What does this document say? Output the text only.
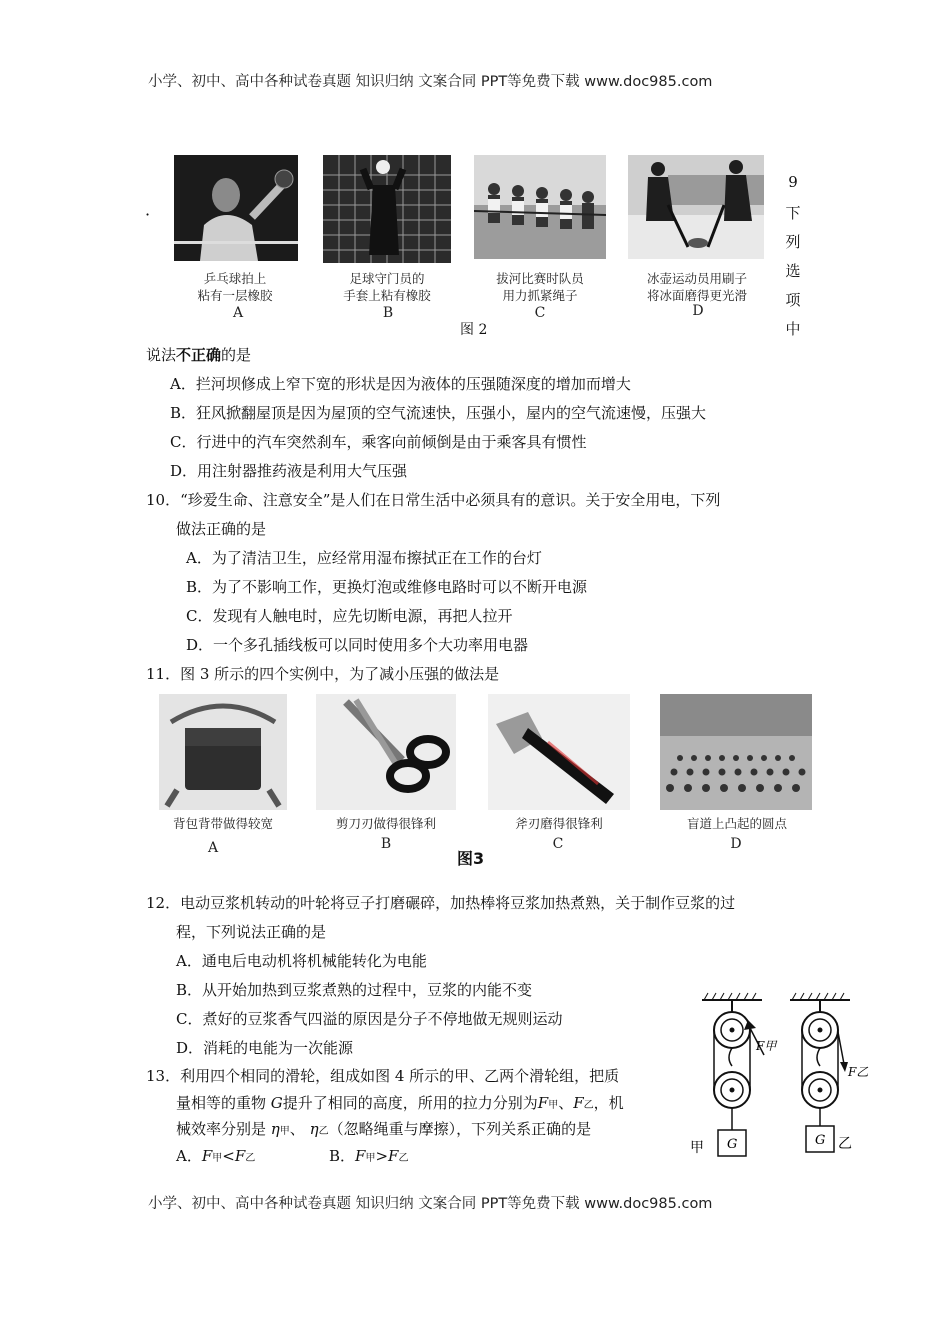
小学、初中、高中各种试卷真题 知识归纳 文案合同 PPT等免费下载 www.doc985.com
·
乒乓球拍上
粘有一层橡胶
足球守门员的
手套上粘有橡胶
拔河比赛时队员
用力抓紧绳子
冰壶运动员用刷子
将冰面磨得更光滑
A	B	C	D
图 2
9
下
列
选
项
中
说法不正确的是
A．拦河坝修成上窄下宽的形状是因为液体的压强随深度的增加而增大
B．狂风掀翻屋顶是因为屋顶的空气流速快，压强小，屋内的空气流速慢，压强大
C．行进中的汽车突然刹车，乘客向前倾倒是由于乘客具有惯性
D．用注射器推药液是利用大气压强
10．“珍爱生命、注意安全”是人们在日常生活中必须具有的意识。关于安全用电，下列
做法正确的是
A．为了清洁卫生，应经常用湿布擦拭正在工作的台灯
B．为了不影响工作，更换灯泡或维修电路时可以不断开电源
C．发现有人触电时，应先切断电源，再把人拉开
D．一个多孔插线板可以同时使用多个大功率用电器
11．图 3 所示的四个实例中，为了减小压强的做法是
背包背带做得较宽	剪刀刃做得很锋利	斧刃磨得很锋利	盲道上凸起的圆点
A	B	C	D
图3
12．电动豆浆机转动的叶轮将豆子打磨碾碎，加热棒将豆浆加热煮熟，关于制作豆浆的过
程，下列说法正确的是
A．通电后电动机将机械能转化为电能
B．从开始加热到豆浆煮熟的过程中，豆浆的内能不变
C．煮好的豆浆香气四溢的原因是分子不停地做无规则运动
D．消耗的电能为一次能源
13．利用四个相同的滑轮，组成如图 4 所示的甲、乙两个滑轮组，把质
量相等的重物 G提升了相同的高度，所用的拉力分别为F甲、F乙，机
械效率分别是 η甲、 η乙（忽略绳重与摩擦），下列关系正确的是
A．F甲<F乙	B．F甲>F乙
F甲
G
甲
F乙
G 乙
小学、初中、高中各种试卷真题 知识归纳 文案合同 PPT等免费下载 www.doc985.com
